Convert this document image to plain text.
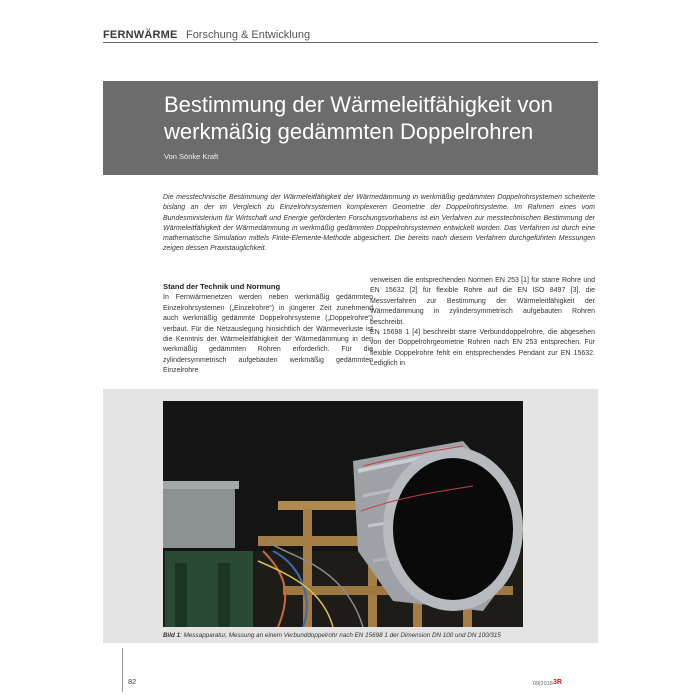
FERNWÄRME Forschung & Entwicklung
Bestimmung der Wärmeleitfähigkeit von werkmäßig gedämmten Doppelrohren
Von Sönke Kraft

Die messtechnische Bestimmung der Wärmeleitfähigkeit der Wärmedämmung in werkmäßig gedämmten Doppelrohrsystemen scheiterte bislang an der im Vergleich zu Einzelrohrsystemen komplexeren Geometrie der Doppelrohrsysteme. Im Rahmen eines vom Bundesministerium für Wirtschaft und Energie geförderten Forschungsvorhabens ist ein Verfahren zur messtechnischen Bestimmung der Wärmeleitfähigkeit der Wärmedämmung in werkmäßig gedämmten Doppelrohrsystemen entwickelt worden. Das Verfahren ist durch eine mathematische Simulation mittels Finite-Elemente-Methode abgesichert. Die bereits nach diesem Verfahren durchgeführten Messungen zeigen dessen Praxistauglichkeit.

Stand der Technik und Normung

In Fernwärmenetzen werden neben werkmäßig gedämmten Einzelrohrsystemen („Einzelrohre“) in jüngerer Zeit zunehmend auch werkmäßig gedämmte Doppelrohrsysteme („Doppelrohre“) verbaut. Für die Netzauslegung hinsichtlich der Wärmeverluste ist die Kenntnis der Wärmeleitfähigkeit der Wärmedämmung in den werkmäßig gedämmten Rohren erforderlich. Für die zylindersymmetrisch aufgebauten werkmäßig gedämmten Einzelrohre

verweisen die entsprechenden Normen EN 253 [1] für starre Rohre und EN 15632 [2] für flexible Rohre auf die EN ISO 8497 [3], die Messverfahren zur Bestimmung der Wärmeleitfähigkeit der Wärmedämmung in zylindersymmetrisch aufgebauten Rohren beschreibt.

EN 15698 1 [4] beschreibt starre Verbunddoppelrohre, die abgesehen von der Doppelrohrgeometrie Rohren nach EN 253 entsprechen. Für flexible Doppelrohre fehlt ein entsprechendes Pendant zur EN 15632. Lediglich in

Bild 1: Messapparatur, Messung an einem Verbunddoppelrohr nach EN 15698 1 der Dimension DN 100 und DN 100/315
82	09|2018 3R
